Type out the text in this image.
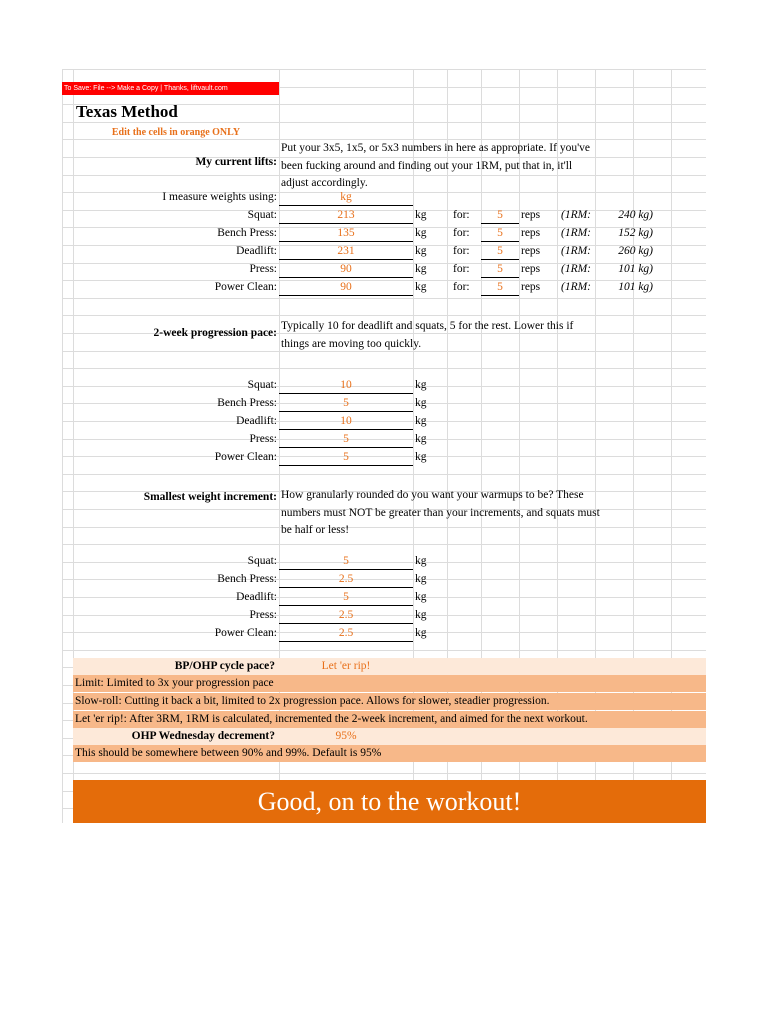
To Save: File --> Make a Copy | Thanks, liftvault.com
Texas Method
Edit the cells in orange ONLY
My current lifts:
Put your 3x5, 1x5, or 5x3 numbers in here as appropriate. If you've been fucking around and finding out your 1RM, put that in, it'll adjust accordingly.
I measure weights using:	kg
Squat:	213	kg for:	5	reps (1RM:	240 kg)
Bench Press:	135	kg for:	5	reps (1RM:	152 kg)
Deadlift:	231	kg for:	5	reps (1RM:	260 kg)
Press:	90	kg for:	5	reps (1RM:	101 kg)
Power Clean:	90	kg for:	5	reps (1RM:	101 kg)
2-week progression pace:
Typically 10 for deadlift and squats, 5 for the rest. Lower this if things are moving too quickly.
Squat:	10	kg
Bench Press:	5	kg
Deadlift:	10	kg
Press:	5	kg
Power Clean:	5	kg
Smallest weight increment: How granularly rounded do you want your warmups to be? These numbers must NOT be greater than your increments, and squats must be half or less!
Squat:	5	kg
Bench Press:	2.5	kg
Deadlift:	5	kg
Press:	2.5	kg
Power Clean:	2.5	kg
BP/OHP cycle pace?	Let 'er rip!
Limit: Limited to 3x your progression pace
Slow-roll: Cutting it back a bit, limited to 2x progression pace. Allows for slower, steadier progression.
Let 'er rip!: After 3RM, 1RM is calculated, incremented the 2-week increment, and aimed for the next workout.
OHP Wednesday decrement?	95%
This should be somewhere between 90% and 99%. Default is 95%
Good, on to the workout!
